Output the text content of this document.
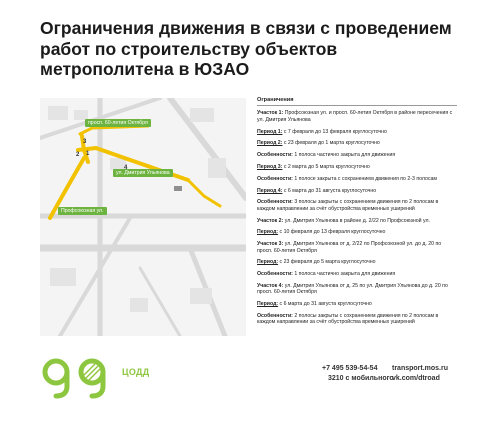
Ограничения движения в связи с проведением работ по строительству объектов метрополитена в ЮЗАО
просп. 60-летия Октября
ул. Дмитрия Ульянова
Профсоюзная ул.
1
2
3
4
Ограничения
Участок 1: Профсоюзная ул. и просп. 60-летия Октября в районе пересечения с ул. Дмитрия Ульянова
Период 1: с 7 февраля до 13 февраля круглосуточно
Период 2: с 23 февраля до 1 марта круглосуточно
Особенности: 1 полоса частично закрыта для движения
Период 3: с 2 марта до 5 марта круглосуточно
Особенности: 1 полосе закрыта с сохранением движения по 2-3 полосам
Период 4: с 6 марта до 31 августа круглосуточно
Особенности: 3 полосы закрыты с сохранением движения по 2 полосам в каждом направлении за счёт обустройства временных уширений
Участок 2: ул. Дмитрия Ульянова в районе д. 2/22 по Профсоюзной ул.
Период: с 10 февраля до 13 февраля круглосуточно
Участок 3: ул. Дмитрия Ульянова от д. 2/22 по Профсоюзной ул. до д. 20 по просп. 60-летия Октября
Период: с 23 февраля до 5 марта круглосуточно
Особенности: 1 полоса частично закрыта для движения
Участок 4: ул. Дмитрия Ульянова от д. 25 по ул. Дмитрия Ульянова до д. 20 по просп. 60-летия Октября
Период: с 6 марта до 31 августа круглосуточно
Особенности: 2 полосы закрыты с сохранением движения по 2 полосам в каждом направлении за счёт обустройства временных уширений
ЦОДД	+7 495 539-54-54
3210 с мобильного
transport.mos.ru
vk.com/dtroad
